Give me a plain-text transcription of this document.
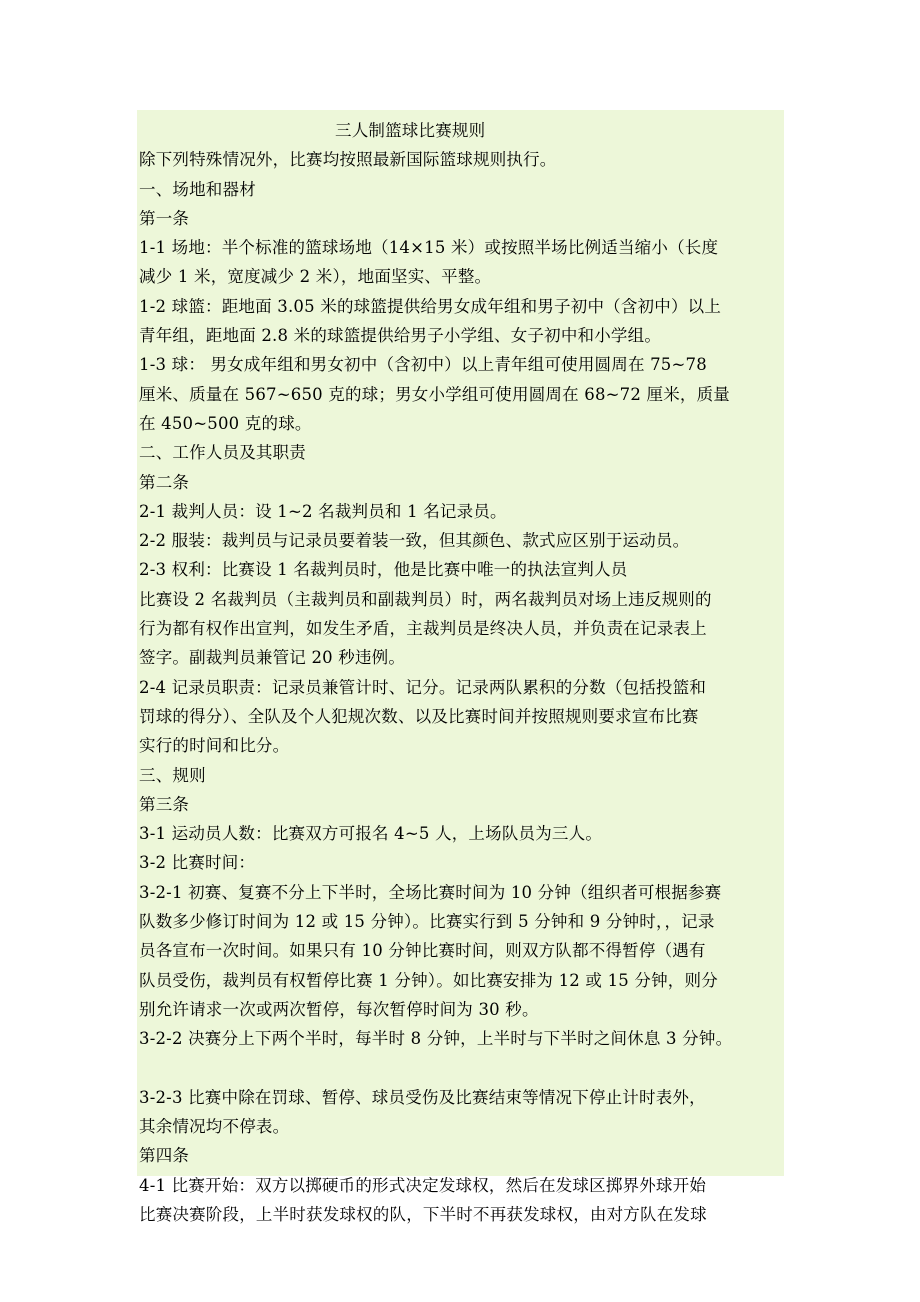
三人制篮球比赛规则
除下列特殊情况外，比赛均按照最新国际篮球规则执行。
一、场地和器材
第一条
1-1 场地：半个标准的篮球场地（14×15 米）或按照半场比例适当缩小（长度
减少 1 米，宽度减少 2 米），地面坚实、平整。
1-2 球篮：距地面 3.05 米的球篮提供给男女成年组和男子初中（含初中）以上
青年组，距地面 2.8 米的球篮提供给男子小学组、女子初中和小学组。
1-3 球： 男女成年组和男女初中（含初中）以上青年组可使用圆周在 75~78
厘米、质量在 567~650 克的球；男女小学组可使用圆周在 68~72 厘米，质量
在 450~500 克的球。
二、工作人员及其职责
第二条
2-1 裁判人员：设 1~2 名裁判员和 1 名记录员。
2-2 服装：裁判员与记录员要着装一致，但其颜色、款式应区别于运动员。
2-3 权利：比赛设 1 名裁判员时，他是比赛中唯一的执法宣判人员
比赛设 2 名裁判员（主裁判员和副裁判员）时，两名裁判员对场上违反规则的
行为都有权作出宣判，如发生矛盾，主裁判员是终决人员，并负责在记录表上
签字。副裁判员兼管记 20 秒违例。
2-4 记录员职责：记录员兼管计时、记分。记录两队累积的分数（包括投篮和
罚球的得分）、全队及个人犯规次数、以及比赛时间并按照规则要求宣布比赛
实行的时间和比分。
三、规则
第三条
3-1 运动员人数：比赛双方可报名 4~5 人，上场队员为三人。
3-2 比赛时间：
3-2-1 初赛、复赛不分上下半时，全场比赛时间为 10 分钟（组织者可根据参赛
队数多少修订时间为 12 或 15 分钟）。比赛实行到 5 分钟和 9 分钟时，，记录
员各宣布一次时间。如果只有 10 分钟比赛时间，则双方队都不得暂停（遇有
队员受伤，裁判员有权暂停比赛 1 分钟）。如比赛安排为 12 或 15 分钟，则分
别允许请求一次或两次暂停，每次暂停时间为 30 秒。
3-2-2 决赛分上下两个半时，每半时 8 分钟，上半时与下半时之间休息 3 分钟。
3-2-3 比赛中除在罚球、暂停、球员受伤及比赛结束等情况下停止计时表外，
其余情况均不停表。
第四条
4-1 比赛开始：双方以掷硬币的形式决定发球权，然后在发球区掷界外球开始
比赛决赛阶段，上半时获发球权的队，下半时不再获发球权，由对方队在发球
